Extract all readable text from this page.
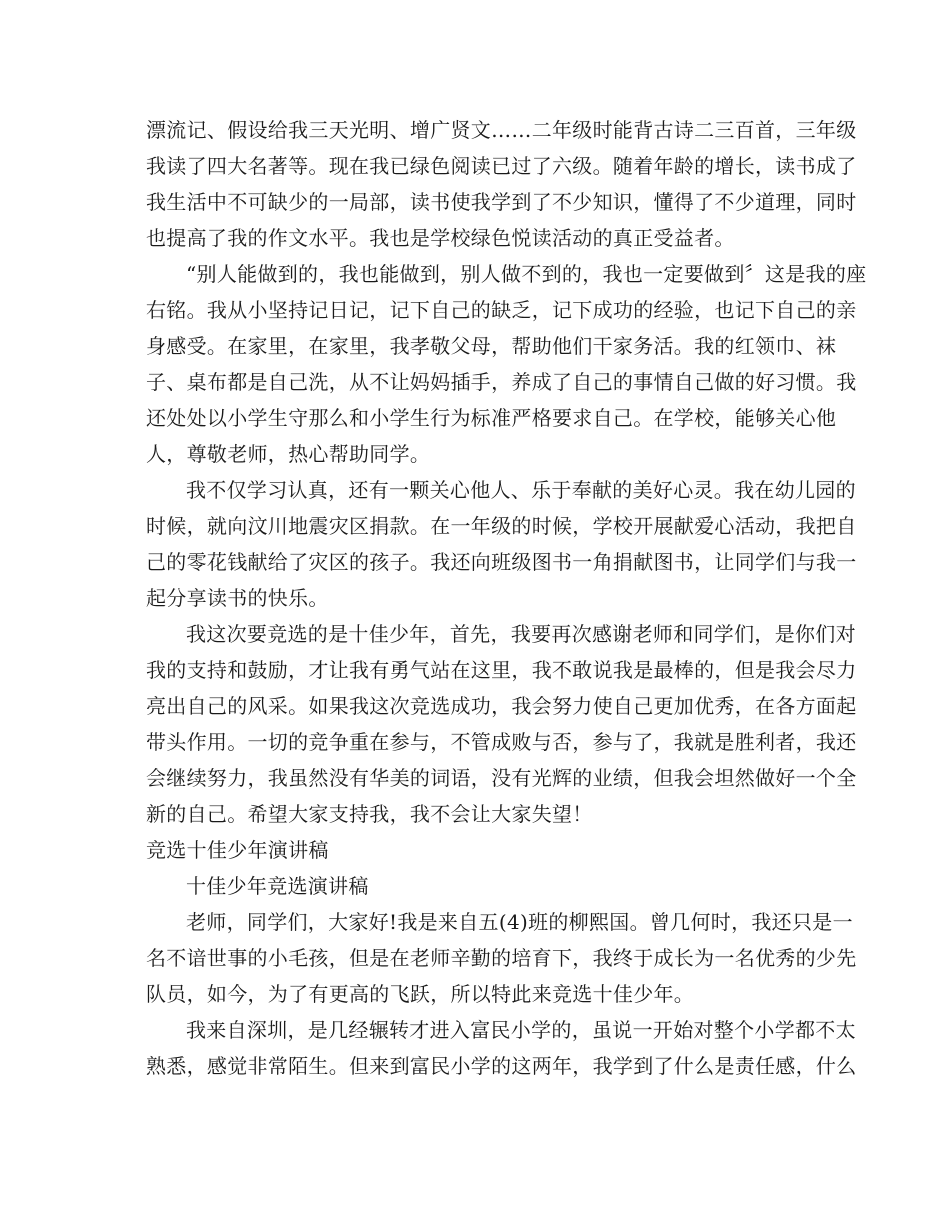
漂流记、假设给我三天光明、增广贤文……二年级时能背古诗二三百首，三年级
我读了四大名著等。现在我已绿色阅读已过了六级。随着年龄的增长，读书成了
我生活中不可缺少的一局部，读书使我学到了不少知识，懂得了不少道理，同时
也提高了我的作文水平。我也是学校绿色悦读活动的真正受益者。
“别人能做到的，我也能做到，别人做不到的，我也一定要做到〞这是我的座
右铭。我从小坚持记日记，记下自己的缺乏，记下成功的经验，也记下自己的亲
身感受。在家里，在家里，我孝敬父母，帮助他们干家务活。我的红领巾、袜
子、桌布都是自己洗，从不让妈妈插手，养成了自己的事情自己做的好习惯。我
还处处以小学生守那么和小学生行为标准严格要求自己。在学校，能够关心他
人，尊敬老师，热心帮助同学。
我不仅学习认真，还有一颗关心他人、乐于奉献的美好心灵。我在幼儿园的
时候，就向汶川地震灾区捐款。在一年级的时候，学校开展献爱心活动，我把自
己的零花钱献给了灾区的孩子。我还向班级图书一角捐献图书，让同学们与我一
起分享读书的快乐。
我这次要竞选的是十佳少年，首先，我要再次感谢老师和同学们，是你们对
我的支持和鼓励，才让我有勇气站在这里，我不敢说我是最棒的，但是我会尽力
亮出自己的风采。如果我这次竞选成功，我会努力使自己更加优秀，在各方面起
带头作用。一切的竞争重在参与，不管成败与否，参与了，我就是胜利者，我还
会继续努力，我虽然没有华美的词语，没有光辉的业绩，但我会坦然做好一个全
新的自己。希望大家支持我，我不会让大家失望！
竞选十佳少年演讲稿
十佳少年竞选演讲稿
老师，同学们，大家好!我是来自五(4)班的柳熙国。曾几何时，我还只是一
名不谙世事的小毛孩，但是在老师辛勤的培育下，我终于成长为一名优秀的少先
队员，如今，为了有更高的飞跃，所以特此来竞选十佳少年。
我来自深圳，是几经辗转才进入富民小学的，虽说一开始对整个小学都不太
熟悉，感觉非常陌生。但来到富民小学的这两年，我学到了什么是责任感，什么
